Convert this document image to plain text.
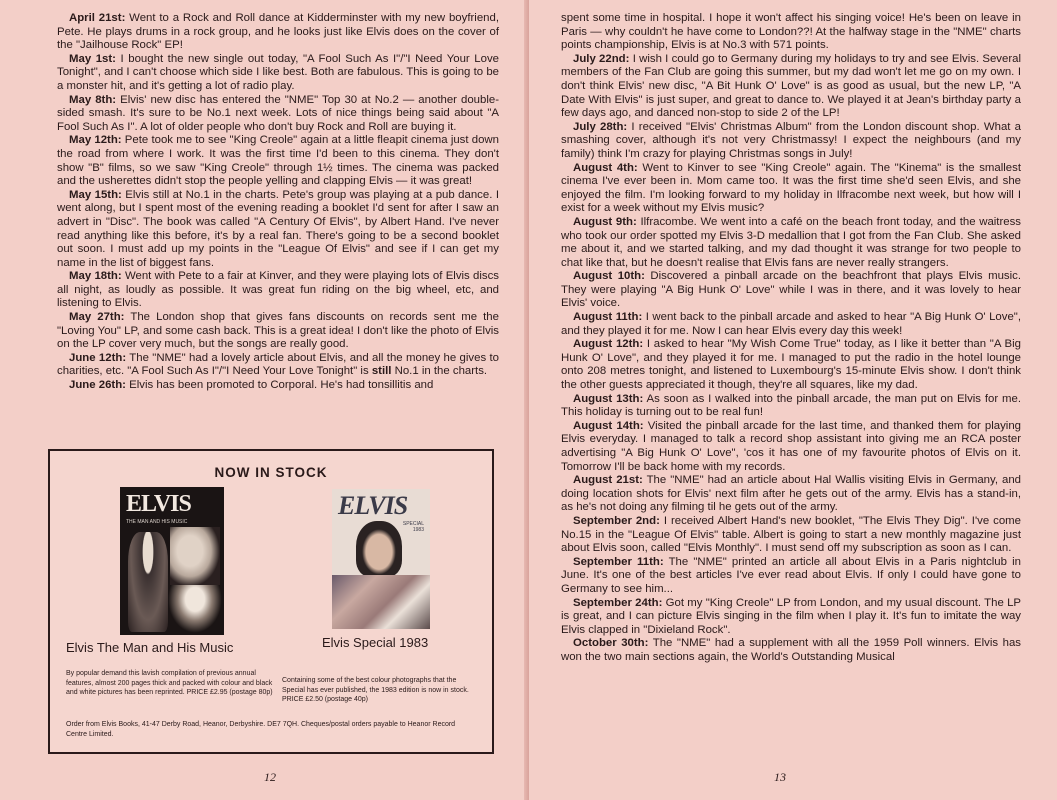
April 21st: Went to a Rock and Roll dance at Kidderminster with my new boyfriend, Pete. He plays drums in a rock group, and he looks just like Elvis does on the cover of the "Jailhouse Rock" EP!

May 1st: I bought the new single out today, "A Fool Such As I"/"I Need Your Love Tonight", and I can't choose which side I like best. Both are fabulous. This is going to be a monster hit, and it's getting a lot of radio play.

May 8th: Elvis' new disc has entered the "NME" Top 30 at No.2 — another double-sided smash. It's sure to be No.1 next week. Lots of nice things being said about "A Fool Such As I". A lot of older people who don't buy Rock and Roll are buying it.

May 12th: Pete took me to see "King Creole" again at a little fleapit cinema just down the road from where I work. It was the first time I'd been to this cinema. They don't show "B" films, so we saw "King Creole" through 1½ times. The cinema was packed and the usherettes didn't stop the people yelling and clapping Elvis — it was great!

May 15th: Elvis still at No.1 in the charts. Pete's group was playing at a pub dance. I went along, but I spent most of the evening reading a booklet I'd sent for after I saw an advert in "Disc". The book was called "A Century Of Elvis", by Albert Hand. I've never read anything like this before, it's by a real fan. There's going to be a second booklet out soon. I must add up my points in the "League Of Elvis" and see if I can get my name in the list of biggest fans.

May 18th: Went with Pete to a fair at Kinver, and they were playing lots of Elvis discs all night, as loudly as possible. It was great fun riding on the big wheel, etc, and listening to Elvis.

May 27th: The London shop that gives fans discounts on records sent me the "Loving You" LP, and some cash back. This is a great idea! I don't like the photo of Elvis on the LP cover very much, but the songs are really good.

June 12th: The "NME" had a lovely article about Elvis, and all the money he gives to charities, etc. "A Fool Such As I"/"I Need Your Love Tonight" is still No.1 in the charts.

June 26th: Elvis has been promoted to Corporal. He's had tonsillitis and

NOW IN STOCK
ELVIS
THE MAN AND HIS MUSIC
ELVIS
SPECIAL
1983
Elvis The Man and His Music	Elvis Special 1983
By popular demand this lavish compilation of previous annual features, almost 200 pages thick and packed with colour and black and white pictures has been reprinted. PRICE £2.95 (postage 80p)
Containing some of the best colour photographs that the Special has ever published, the 1983 edition is now in stock. PRICE £2.50 (postage 40p)
Order from Elvis Books, 41-47 Derby Road, Heanor, Derbyshire. DE7 7QH. Cheques/postal orders payable to Heanor Record Centre Limited.
12

spent some time in hospital. I hope it won't affect his singing voice! He's been on leave in Paris — why couldn't he have come to London??! At the halfway stage in the "NME" charts points championship, Elvis is at No.3 with 571 points.

July 22nd: I wish I could go to Germany during my holidays to try and see Elvis. Several members of the Fan Club are going this summer, but my dad won't let me go on my own. I don't think Elvis' new disc, "A Bit Hunk O' Love" is as good as usual, but the new LP, "A Date With Elvis" is just super, and great to dance to. We played it at Jean's birthday party a few days ago, and danced non-stop to side 2 of the LP!

July 28th: I received "Elvis' Christmas Album" from the London discount shop. What a smashing cover, although it's not very Christmassy! I expect the neighbours (and my family) think I'm crazy for playing Christmas songs in July!

August 4th: Went to Kinver to see "King Creole" again. The "Kinema" is the smallest cinema I've ever been in. Mom came too. It was the first time she'd seen Elvis, and she enjoyed the film. I'm looking forward to my holiday in Ilfracombe next week, but how will I exist for a week without my Elvis music?

August 9th: Ilfracombe. We went into a café on the beach front today, and the waitress who took our order spotted my Elvis 3-D medallion that I got from the Fan Club. She asked me about it, and we started talking, and my dad thought it was strange for two people to chat like that, but he doesn't realise that Elvis fans are never really strangers.

August 10th: Discovered a pinball arcade on the beachfront that plays Elvis music. They were playing "A Big Hunk O' Love" while I was in there, and it was lovely to hear Elvis' voice.

August 11th: I went back to the pinball arcade and asked to hear "A Big Hunk O' Love", and they played it for me. Now I can hear Elvis every day this week!

August 12th: I asked to hear "My Wish Come True" today, as I like it better than "A Big Hunk O' Love", and they played it for me. I managed to put the radio in the hotel lounge onto 208 metres tonight, and listened to Luxembourg's 15-minute Elvis show. I don't think the other guests appreciated it though, they're all squares, like my dad.

August 13th: As soon as I walked into the pinball arcade, the man put on Elvis for me. This holiday is turning out to be real fun!

August 14th: Visited the pinball arcade for the last time, and thanked them for playing Elvis everyday. I managed to talk a record shop assistant into giving me an RCA poster advertising "A Big Hunk O' Love", 'cos it has one of my favourite photos of Elvis on it. Tomorrow I'll be back home with my records.

August 21st: The "NME" had an article about Hal Wallis visiting Elvis in Germany, and doing location shots for Elvis' next film after he gets out of the army. Elvis has a stand-in, as he's not doing any filming til he gets out of the army.

September 2nd: I received Albert Hand's new booklet, "The Elvis They Dig". I've come No.15 in the "League Of Elvis" table. Albert is going to start a new monthly magazine just about Elvis soon, called "Elvis Monthly". I must send off my subscription as soon as I can.

September 11th: The "NME" printed an article all about Elvis in a Paris nightclub in June. It's one of the best articles I've ever read about Elvis. If only I could have gone to Germany to see him...

September 24th: Got my "King Creole" LP from London, and my usual discount. The LP is great, and I can picture Elvis singing in the film when I play it. It's fun to imitate the way Elvis clapped in "Dixieland Rock".

October 30th: The "NME" had a supplement with all the 1959 Poll winners. Elvis has won the two main sections again, the World's Outstanding Musical

13
